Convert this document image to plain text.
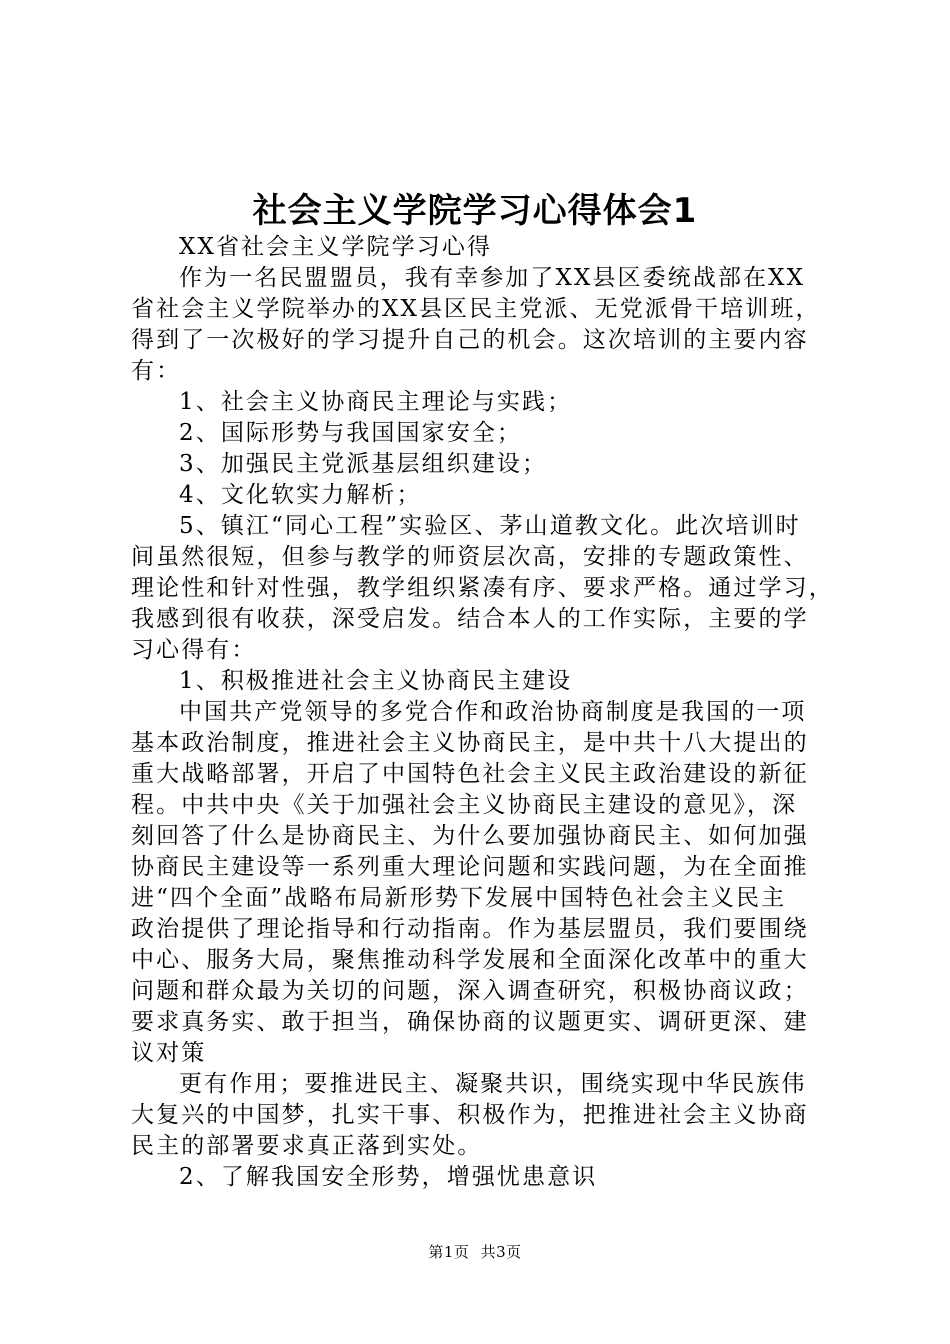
社会主义学院学习心得体会1

XX省社会主义学院学习心得

作为一名民盟盟员，我有幸参加了XX县区委统战部在XX

省社会主义学院举办的XX县区民主党派、无党派骨干培训班，

得到了一次极好的学习提升自己的机会。这次培训的主要内容

有：

1、社会主义协商民主理论与实践；

2、国际形势与我国国家安全；

3、加强民主党派基层组织建设；

4、文化软实力解析；

5、镇江“同心工程”实验区、茅山道教文化。此次培训时

间虽然很短，但参与教学的师资层次高，安排的专题政策性、

理论性和针对性强，教学组织紧凑有序、要求严格。通过学习，

我感到很有收获，深受启发。结合本人的工作实际，主要的学

习心得有：

1、积极推进社会主义协商民主建设

中国共产党领导的多党合作和政治协商制度是我国的一项

基本政治制度，推进社会主义协商民主，是中共十八大提出的

重大战略部署，开启了中国特色社会主义民主政治建设的新征

程。中共中央《关于加强社会主义协商民主建设的意见》，深

刻回答了什么是协商民主、为什么要加强协商民主、如何加强

协商民主建设等一系列重大理论问题和实践问题，为在全面推

进“四个全面”战略布局新形势下发展中国特色社会主义民主

政治提供了理论指导和行动指南。作为基层盟员，我们要围绕

中心、服务大局，聚焦推动科学发展和全面深化改革中的重大

问题和群众最为关切的问题，深入调查研究，积极协商议政；

要求真务实、敢于担当，确保协商的议题更实、调研更深、建

议对策

更有作用；要推进民主、凝聚共识，围绕实现中华民族伟

大复兴的中国梦，扎实干事、积极作为，把推进社会主义协商

民主的部署要求真正落到实处。

2、了解我国安全形势，增强忧患意识

第1页 共3页
